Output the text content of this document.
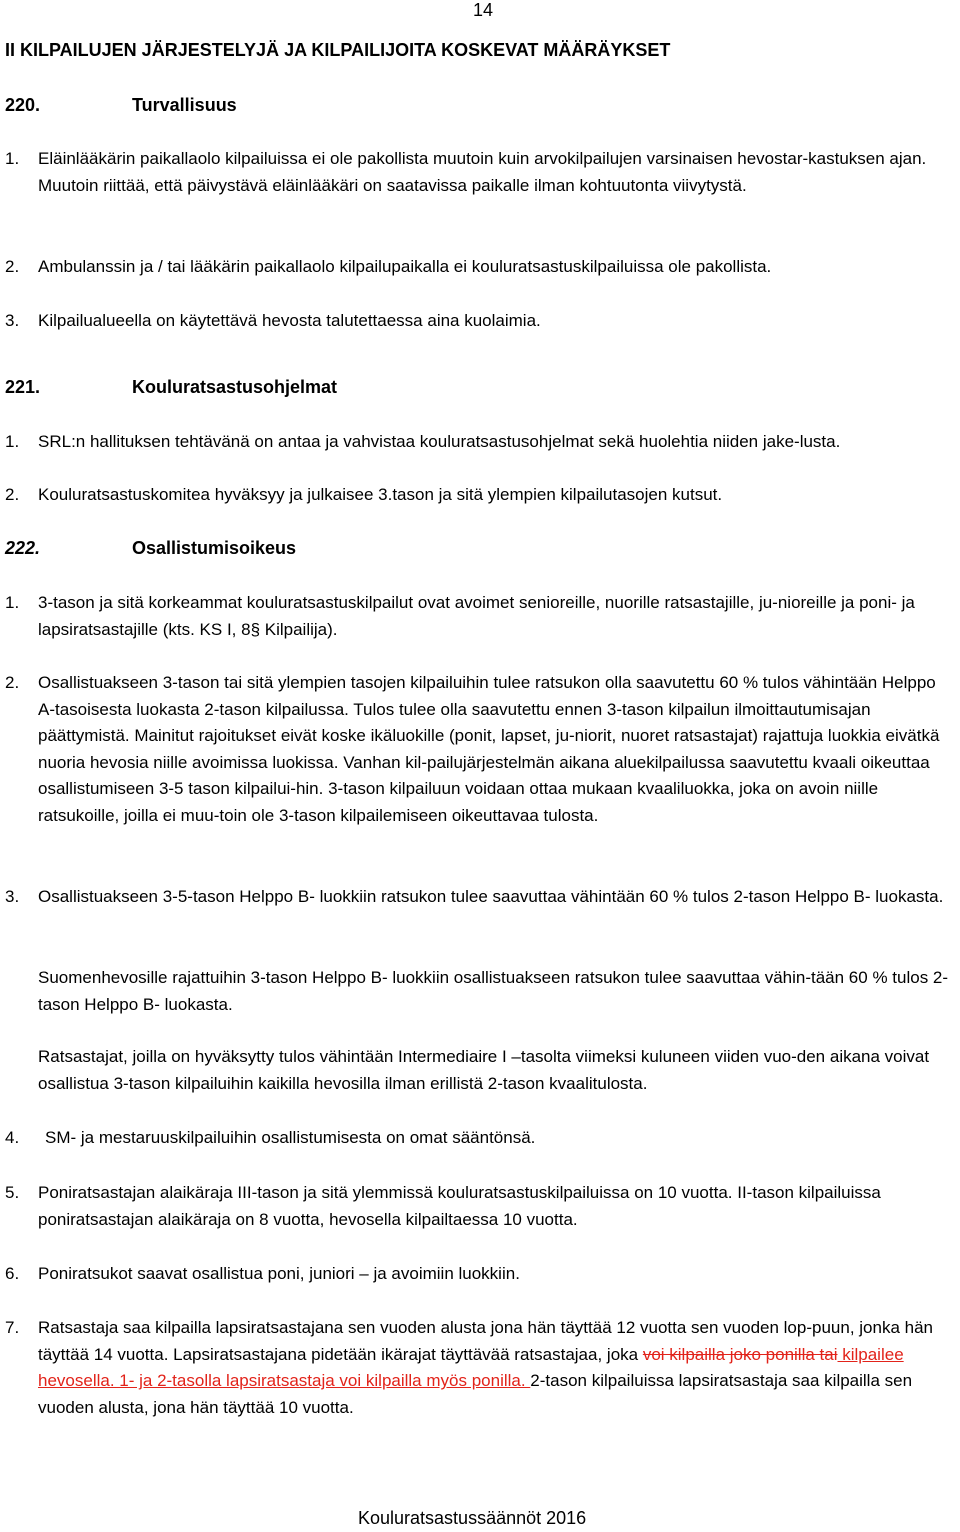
14
II KILPAILUJEN JÄRJESTELYJÄ JA KILPAILIJOITA KOSKEVAT MÄÄRÄYKSET
220.	Turvallisuus
1. Eläinlääkärin paikallaolo kilpailuissa ei ole pakollista muutoin kuin arvokilpailujen varsinaisen hevostar-kastuksen ajan. Muutoin riittää, että päivystävä eläinlääkäri on saatavissa paikalle ilman kohtuutonta viivytystä.
2. Ambulanssin ja / tai lääkärin paikallaolo kilpailupaikalla ei kouluratsastuskilpailuissa ole pakollista.
3. Kilpailualueella on käytettävä hevosta talutettaessa aina kuolaimia.
221.	Kouluratsastusohjelmat
1. SRL:n hallituksen tehtävänä on antaa ja vahvistaa kouluratsastusohjelmat sekä huolehtia niiden jake-lusta.
2. Kouluratsastuskomitea hyväksyy ja julkaisee 3.tason ja sitä ylempien kilpailutasojen kutsut.
222.	Osallistumisoikeus
1. 3-tason ja sitä korkeammat kouluratsastuskilpailut ovat avoimet senioreille, nuorille ratsastajille, ju-nioreille ja poni- ja lapsiratsastajille (kts. KS I, 8§ Kilpailija).
2. Osallistuakseen 3-tason tai sitä ylempien tasojen kilpailuihin tulee ratsukon olla saavutettu 60 % tulos vähintään Helppo A-tasoisesta luokasta 2-tason kilpailussa. Tulos tulee olla saavutettu ennen 3-tason kilpailun ilmoittautumisajan päättymistä. Mainitut rajoitukset eivät koske ikäluokille (ponit, lapset, ju-niorit, nuoret ratsastajat) rajattuja luokkia eivätkä nuoria hevosia niille avoimissa luokissa. Vanhan kil-pailujärjestelmän aikana aluekilpailussa saavutettu kvaali oikeuttaa osallistumiseen 3-5 tason kilpailui-hin. 3-tason kilpailuun voidaan ottaa mukaan kvaaliluokka, joka on avoin niille ratsukoille, joilla ei muu-toin ole 3-tason kilpailemiseen oikeuttavaa tulosta.
3. Osallistuakseen 3-5-tason Helppo B- luokkiin ratsukon tulee saavuttaa vähintään 60 % tulos 2-tason Helppo B- luokasta.
Suomenhevosille rajattuihin 3-tason Helppo B- luokkiin osallistuakseen ratsukon tulee saavuttaa vähin-tään 60 % tulos 2-tason Helppo B- luokasta.
Ratsastajat, joilla on hyväksytty tulos vähintään Intermediaire I –tasolta viimeksi kuluneen viiden vuo-den aikana voivat osallistua 3-tason kilpailuihin kaikilla hevosilla ilman erillistä 2-tason kvaalitulosta.
4. SM- ja mestaruuskilpailuihin osallistumisesta on omat sääntönsä.
5. Poniratsastajan alaikäraja III-tason ja sitä ylemmissä kouluratsastuskilpailuissa on 10 vuotta. II-tason kilpailuissa poniratsastajan alaikäraja on 8 vuotta, hevosella kilpailtaessa 10 vuotta.
6. Poniratsukot saavat osallistua poni, juniori – ja avoimiin luokkiin.
7. Ratsastaja saa kilpailla lapsiratsastajana sen vuoden alusta jona hän täyttää 12 vuotta sen vuoden lop-puun, jonka hän täyttää 14 vuotta. Lapsiratsastajana pidetään ikärajat täyttävää ratsastajaa, joka voi kilpailla joko ponilla tai kilpailee hevosella. 1- ja 2-tasolla lapsiratsastaja voi kilpailla myös ponilla. 2-tason kilpailuissa lapsiratsastaja saa kilpailla sen vuoden alusta, jona hän täyttää 10 vuotta.
Kouluratsastussäännöt 2016
